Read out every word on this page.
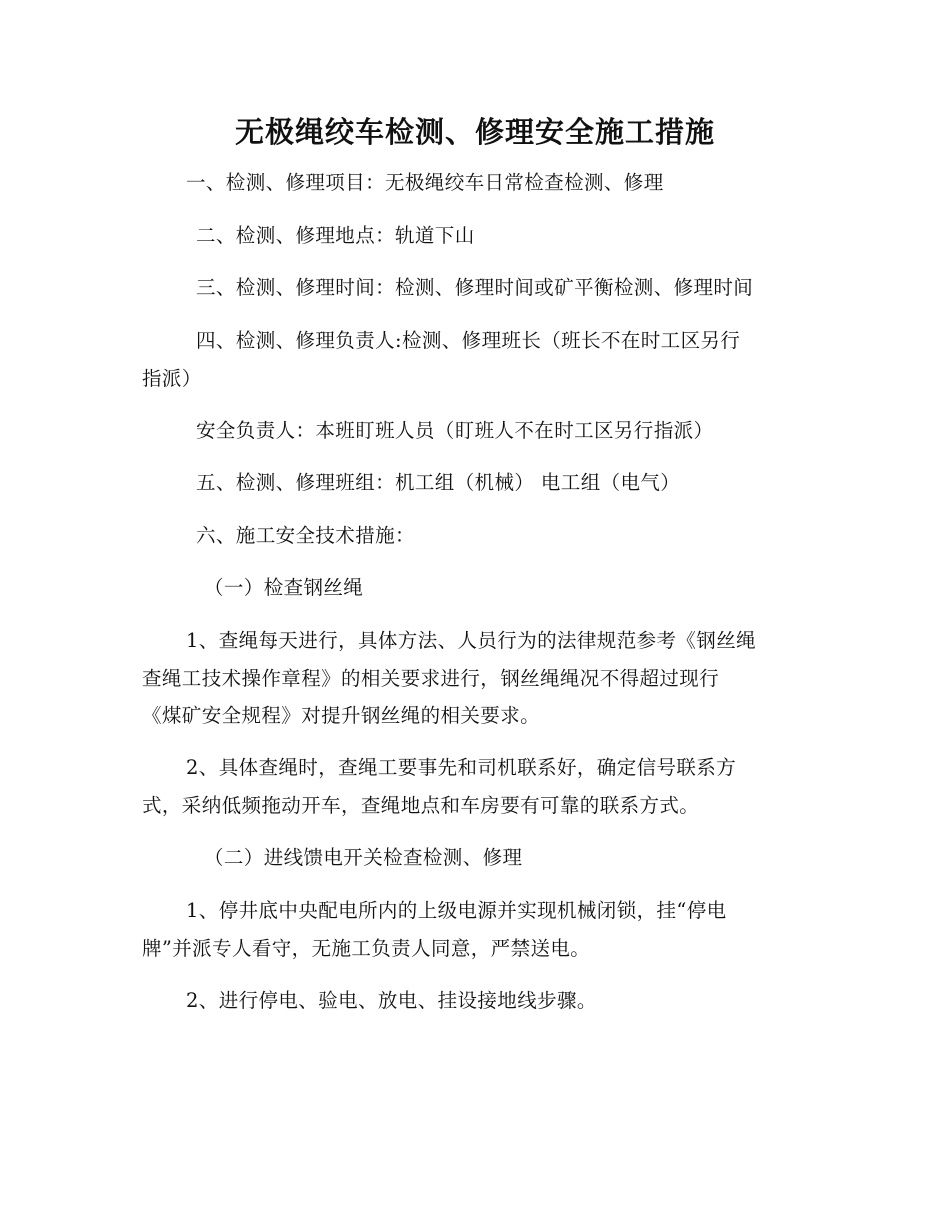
无极绳绞车检测、修理安全施工措施
一、检测、修理项目：无极绳绞车日常检查检测、修理
二、检测、修理地点：轨道下山
三、检测、修理时间：检测、修理时间或矿平衡检测、修理时间
四、检测、修理负责人:检测、修理班长（班长不在时工区另行
指派）
安全负责人：本班盯班人员（盯班人不在时工区另行指派）
五、检测、修理班组：机工组（机械） 电工组（电气）
六、施工安全技术措施：
（一）检查钢丝绳
1、查绳每天进行，具体方法、人员行为的法律规范参考《钢丝绳
查绳工技术操作章程》的相关要求进行，钢丝绳绳况不得超过现行
《煤矿安全规程》对提升钢丝绳的相关要求。
2、具体查绳时，查绳工要事先和司机联系好，确定信号联系方
式，采纳低频拖动开车，查绳地点和车房要有可靠的联系方式。
（二）进线馈电开关检查检测、修理
1、停井底中央配电所内的上级电源并实现机械闭锁，挂“停电
牌”并派专人看守，无施工负责人同意，严禁送电。
2、进行停电、验电、放电、挂设接地线步骤。
